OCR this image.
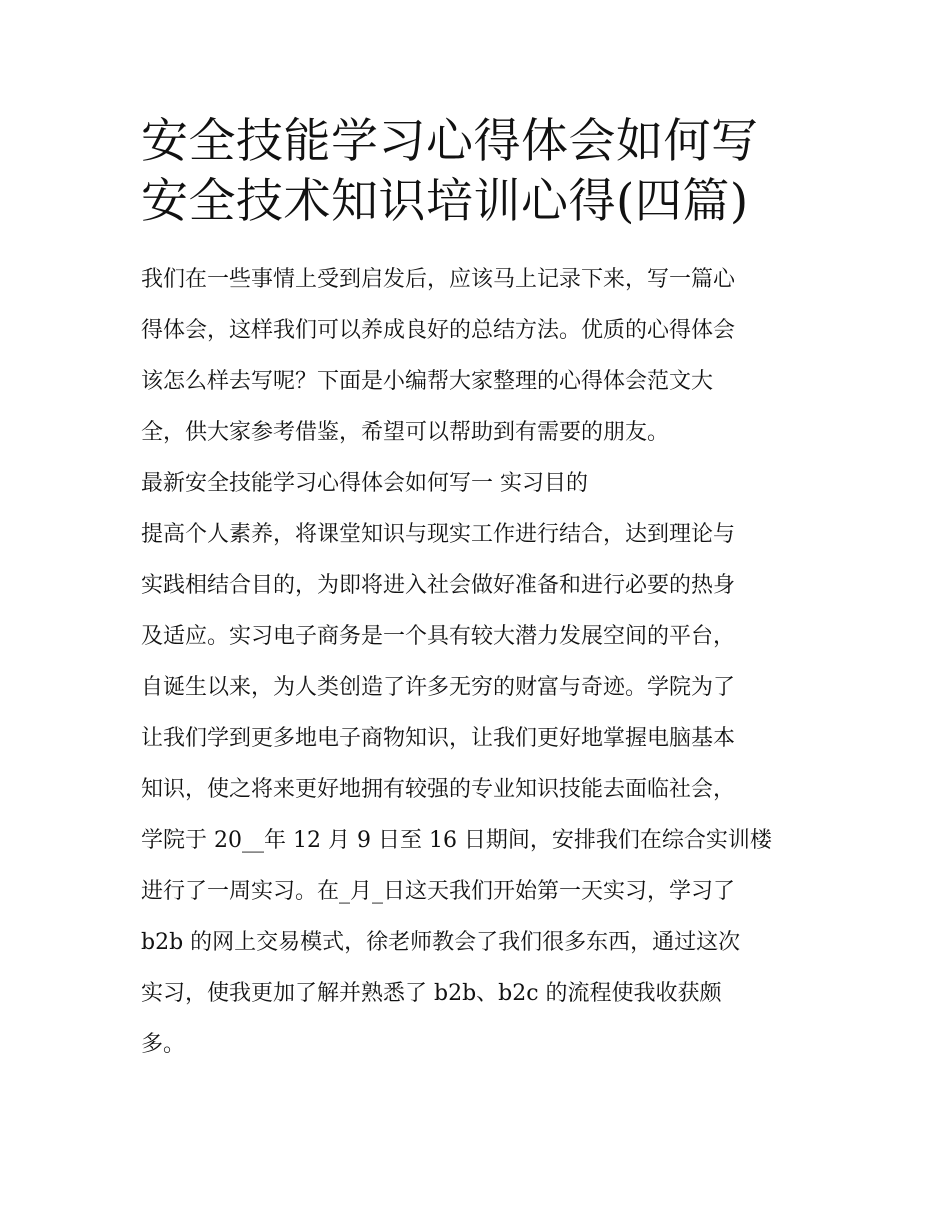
安全技能学习心得体会如何写
安全技术知识培训心得(四篇)

我们在一些事情上受到启发后，应该马上记录下来，写一篇心
得体会，这样我们可以养成良好的总结方法。优质的心得体会
该怎么样去写呢？下面是小编帮大家整理的心得体会范文大
全，供大家参考借鉴，希望可以帮助到有需要的朋友。

最新安全技能学习心得体会如何写一 实习目的

提高个人素养，将课堂知识与现实工作进行结合，达到理论与
实践相结合目的，为即将进入社会做好准备和进行必要的热身
及适应。实习电子商务是一个具有较大潜力发展空间的平台，
自诞生以来，为人类创造了许多无穷的财富与奇迹。学院为了
让我们学到更多地电子商物知识，让我们更好地掌握电脑基本
知识，使之将来更好地拥有较强的专业知识技能去面临社会，
学院于 20__年 12 月 9 日至 16 日期间，安排我们在综合实训楼
进行了一周实习。在_月_日这天我们开始第一天实习，学习了
b2b 的网上交易模式，徐老师教会了我们很多东西，通过这次
实习，使我更加了解并熟悉了 b2b、b2c 的流程使我收获颇
多。
